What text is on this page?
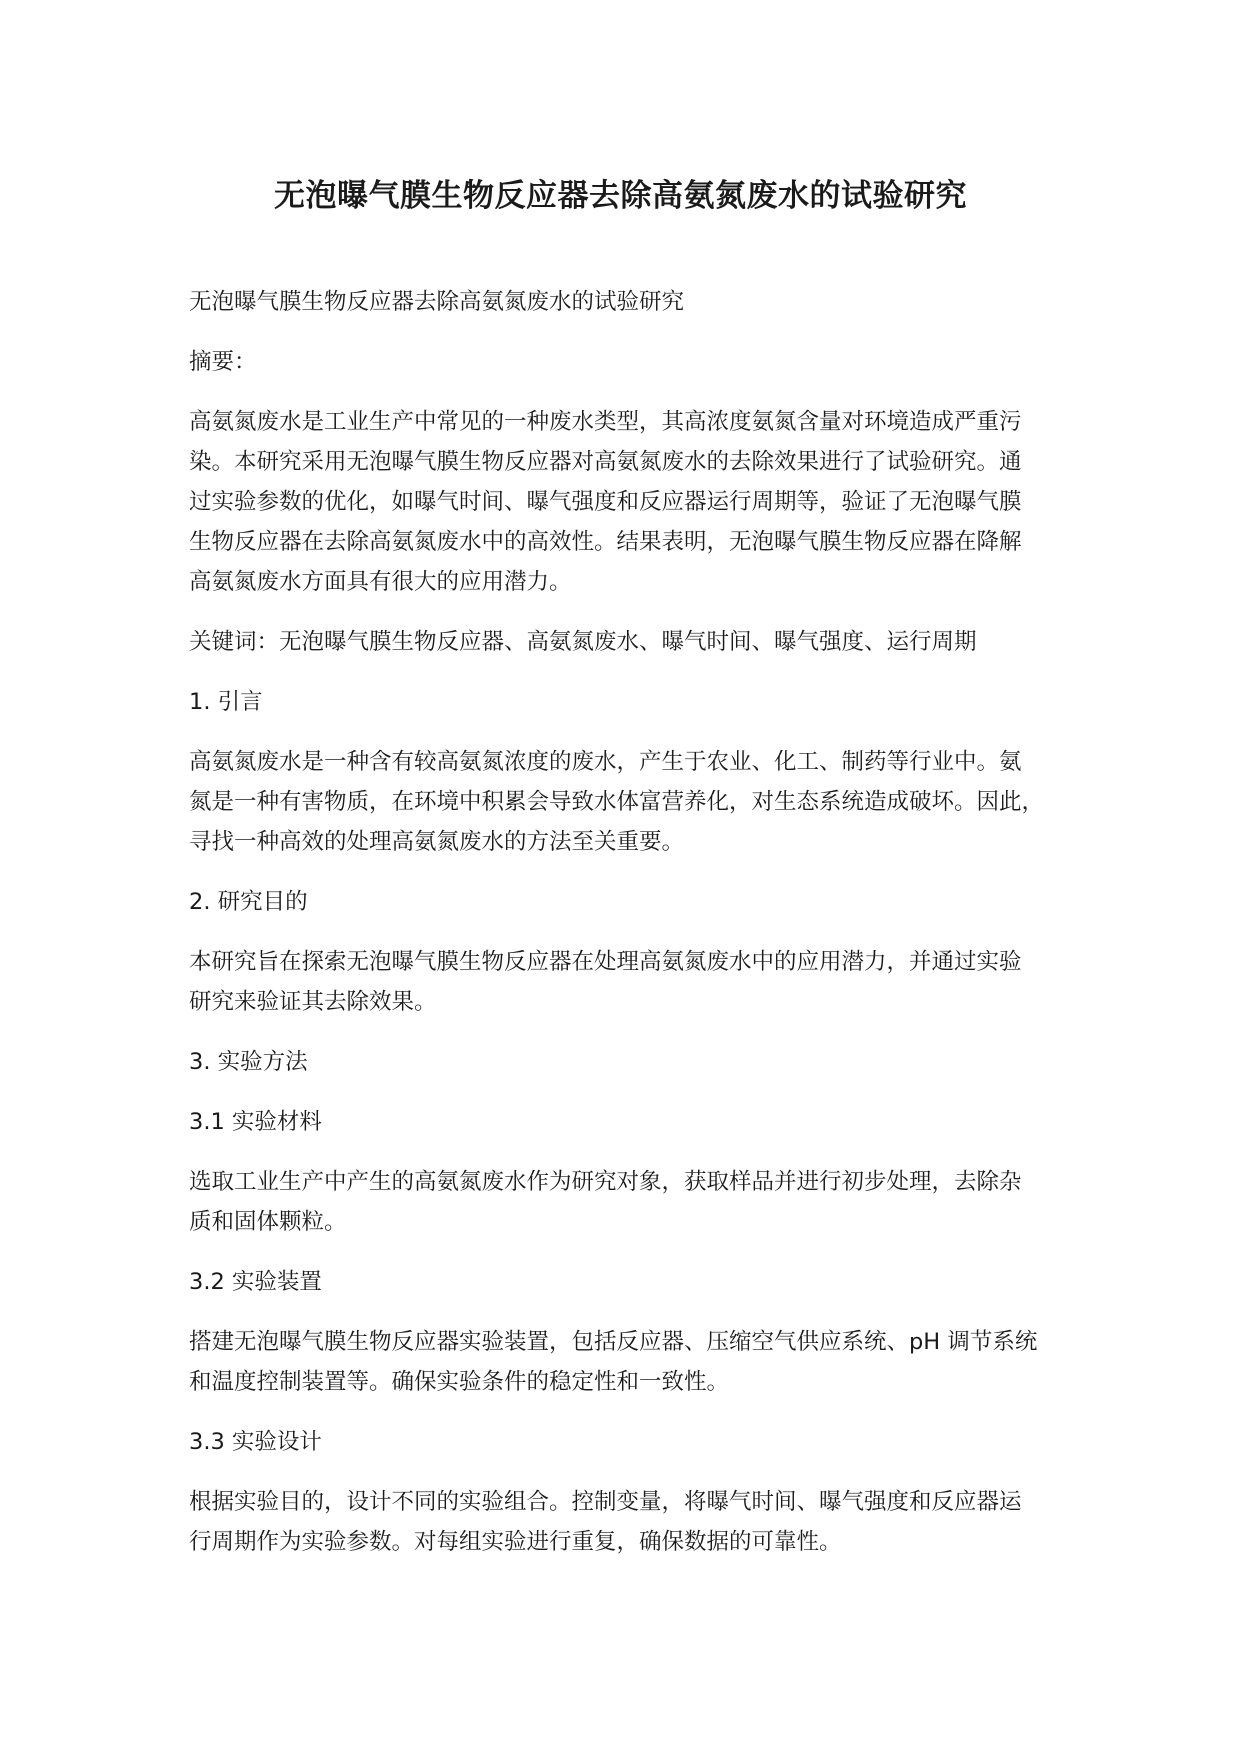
无泡曝气膜生物反应器去除高氨氮废水的试验研究
无泡曝气膜生物反应器去除高氨氮废水的试验研究
摘要：
高氨氮废水是工业生产中常见的一种废水类型，其高浓度氨氮含量对环境造成严重污
染。本研究采用无泡曝气膜生物反应器对高氨氮废水的去除效果进行了试验研究。通
过实验参数的优化，如曝气时间、曝气强度和反应器运行周期等，验证了无泡曝气膜
生物反应器在去除高氨氮废水中的高效性。结果表明，无泡曝气膜生物反应器在降解
高氨氮废水方面具有很大的应用潜力。
关键词：无泡曝气膜生物反应器、高氨氮废水、曝气时间、曝气强度、运行周期
1. 引言
高氨氮废水是一种含有较高氨氮浓度的废水，产生于农业、化工、制药等行业中。氨
氮是一种有害物质，在环境中积累会导致水体富营养化，对生态系统造成破坏。因此，
寻找一种高效的处理高氨氮废水的方法至关重要。
2. 研究目的
本研究旨在探索无泡曝气膜生物反应器在处理高氨氮废水中的应用潜力，并通过实验
研究来验证其去除效果。
3. 实验方法
3.1 实验材料
选取工业生产中产生的高氨氮废水作为研究对象，获取样品并进行初步处理，去除杂
质和固体颗粒。
3.2 实验装置
搭建无泡曝气膜生物反应器实验装置，包括反应器、压缩空气供应系统、pH 调节系统
和温度控制装置等。确保实验条件的稳定性和一致性。
3.3 实验设计
根据实验目的，设计不同的实验组合。控制变量，将曝气时间、曝气强度和反应器运
行周期作为实验参数。对每组实验进行重复，确保数据的可靠性。
